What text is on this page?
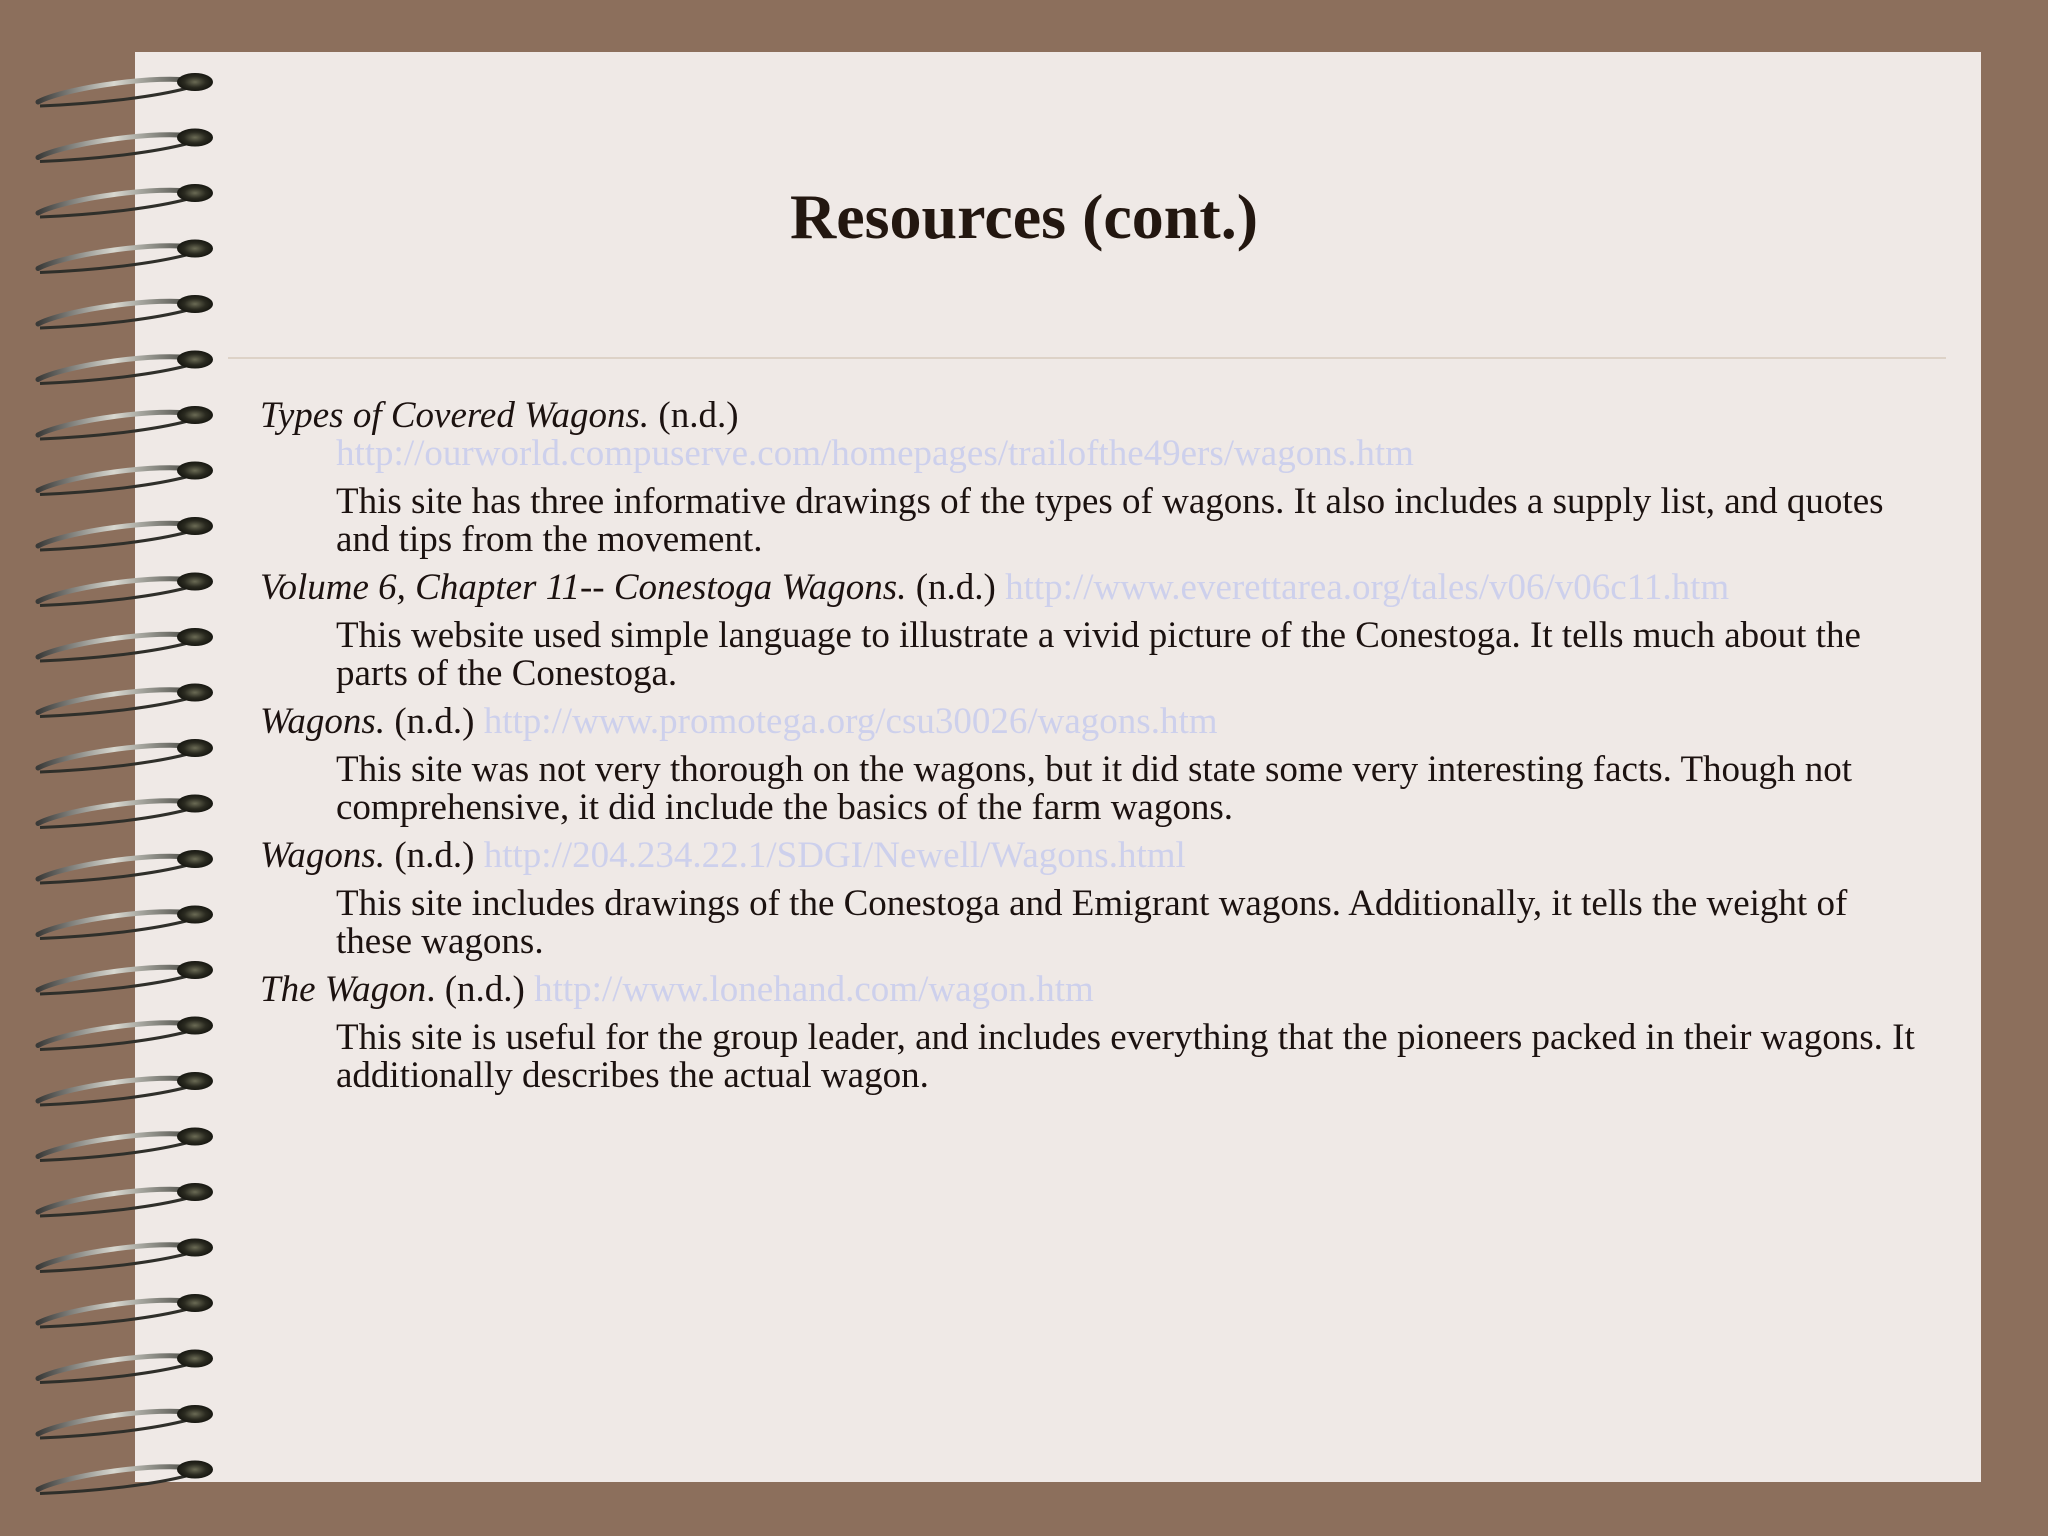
Resources (cont.)
Types of Covered Wagons. (n.d.)
http://ourworld.compuserve.com/homepages/trailofthe49ers/wagons.htm

This site has three informative drawings of the types of wagons. It also includes a supply list, and quotes and tips from the movement.

Volume 6, Chapter 11-- Conestoga Wagons. (n.d.) http://www.everettarea.org/tales/v06/v06c11.htm

This website used simple language to illustrate a vivid picture of the Conestoga. It tells much about the parts of the Conestoga.

Wagons. (n.d.) http://www.promotega.org/csu30026/wagons.htm

This site was not very thorough on the wagons, but it did state some very interesting facts. Though not comprehensive, it did include the basics of the farm wagons.

Wagons. (n.d.) http://204.234.22.1/SDGI/Newell/Wagons.html

This site includes drawings of the Conestoga and Emigrant wagons. Additionally, it tells the weight of these wagons.

The Wagon. (n.d.) http://www.lonehand.com/wagon.htm

This site is useful for the group leader, and includes everything that the pioneers packed in their wagons. It additionally describes the actual wagon.
